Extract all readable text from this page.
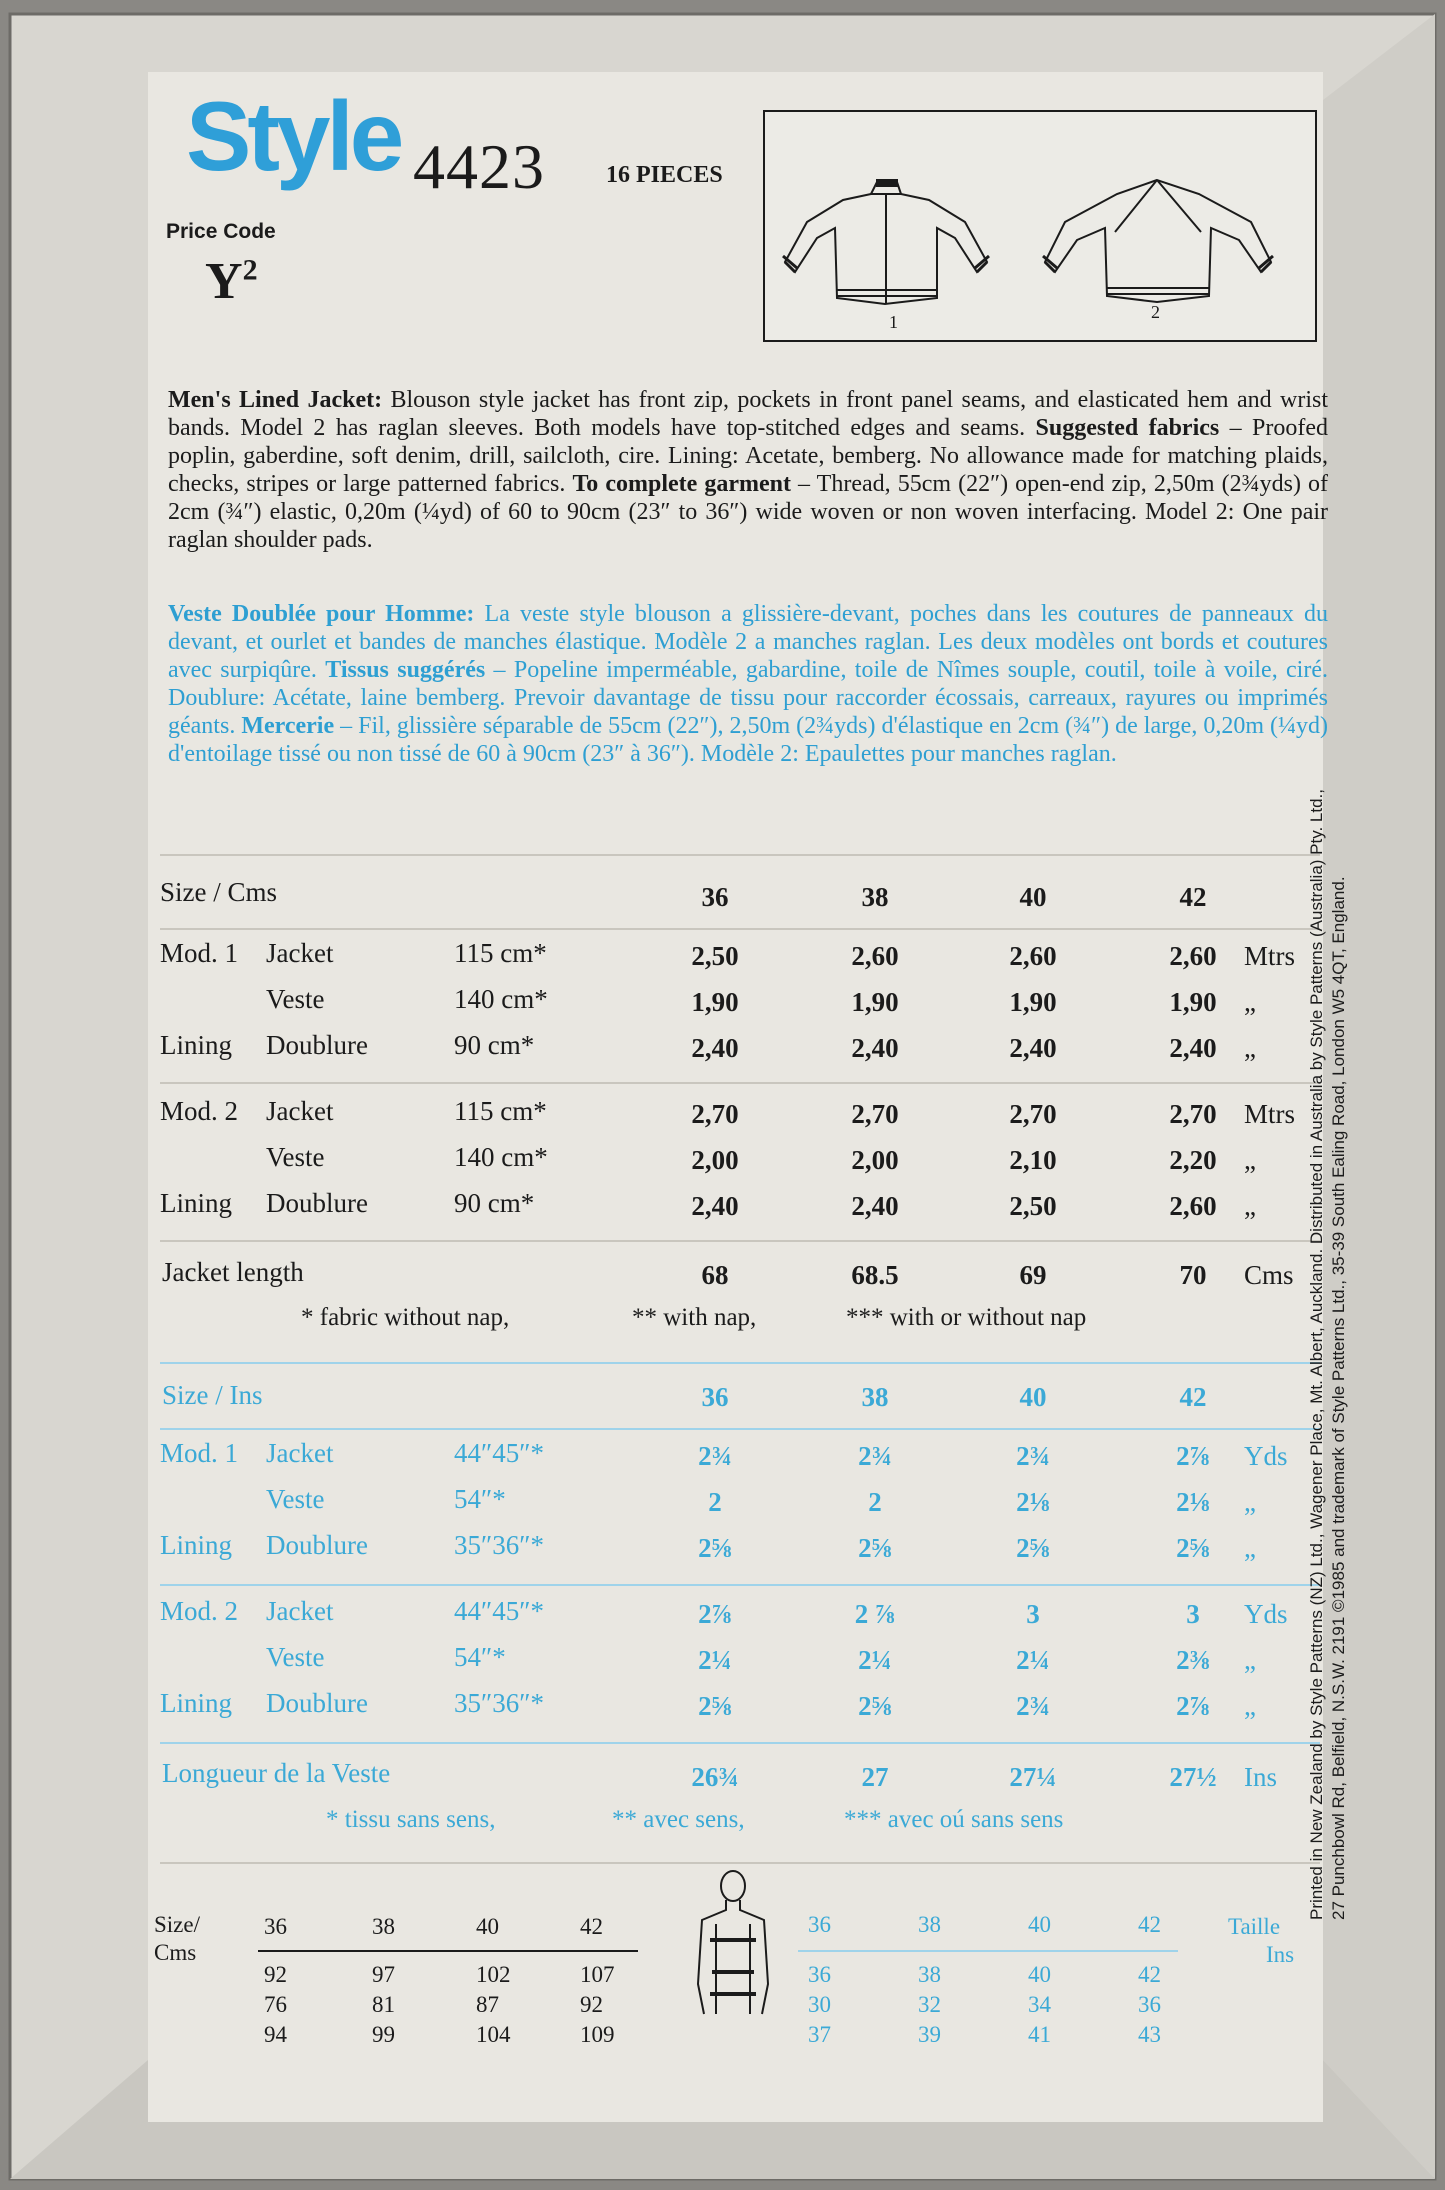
Style 4423	16 PIECES
Price Code
$Y^2$
1	2
Men's Lined Jacket: Blouson style jacket has front zip, pockets in front panel seams, and elasticated hem and wrist bands. Model 2 has raglan sleeves. Both models have top-stitched edges and seams. Suggested fabrics – Proofed poplin, gaberdine, soft denim, drill, sailcloth, cire. Lining: Acetate, bemberg. No allowance made for matching plaids, checks, stripes or large patterned fabrics. To complete garment – Thread, 55cm (22″) open-end zip, 2,50m (2¾yds) of 2cm (¾″) elastic, 0,20m (¼yd) of 60 to 90cm (23″ to 36″) wide woven or non woven interfacing. Model 2: One pair raglan shoulder pads.
Veste Doublée pour Homme: La veste style blouson a glissière-devant, poches dans les coutures de panneaux du devant, et ourlet et bandes de manches élastique. Modèle 2 a manches raglan. Les deux modèles ont bords et coutures avec surpiqûre. Tissus suggérés – Popeline imperméable, gabardine, toile de Nîmes souple, coutil, toile à voile, ciré. Doublure: Acétate, laine bemberg. Prevoir davantage de tissu pour raccorder écossais, carreaux, rayures ou imprimés géants. Mercerie – Fil, glissière séparable de 55cm (22″), 2,50m (2¾yds) d'élastique en 2cm (¾″) de large, 0,20m (¼yd) d'entoilage tissé ou non tissé de 60 à 90cm (23″ à 36″). Modèle 2: Epaulettes pour manches raglan.
Size / Cms	36	38	40	42
Mod. 1 Jacket	115 cm*	2,50	2,60	2,60	2,60	Mtrs
Veste	140 cm*	1,90	1,90	1,90	1,90	„
Lining Doublure	90 cm*	2,40	2,40	2,40	2,40	„
Mod. 2 Jacket	115 cm*	2,70	2,70	2,70	2,70	Mtrs
Veste	140 cm*	2,00	2,00	2,10	2,20	„
Lining Doublure	90 cm*	2,40	2,40	2,50	2,60	„
Jacket length	68	68.5	69	70	Cms
* fabric without nap,	** with nap,	*** with or without nap
Size / Ins	36	38	40	42
Mod. 1 Jacket	44″45″*	2¾	2¾	2¾	2⅞	Yds
Veste	54″*	2	2	2⅛	2⅛	„
Lining Doublure	35″36″*	2⅝	2⅝	2⅝	2⅝	„
Mod. 2 Jacket	44″45″*	2⅞	2 ⅞	3	3	Yds
Veste	54″*	2¼	2¼	2¼	2⅜	„
Lining Doublure	35″36″*	2⅝	2⅝	2¾	2⅞	„
Longueur de la Veste	26¾	27	27¼	27½	Ins
* tissu sans sens,	** avec sens,	*** avec oú sans sens
Size/
Cms
36	38	40	42
92	97	102	107
76	81	87	92
94	99	104	109
36	38	40	42
36	38	40	42
30	32	34	36
37	39	41	43
Taille
Ins
Printed in New Zealand by Style Patterns (NZ) Ltd., Wagener Place, Mt. Albert, Auckland. Distributed in Australia by Style Patterns (Australia) Pty. Ltd., 27 Punchbowl Rd, Belfield, N.S.W. 2191 ©1985 and trademark of Style Patterns Ltd., 35-39 South Ealing Road, London W5 4QT, England.
